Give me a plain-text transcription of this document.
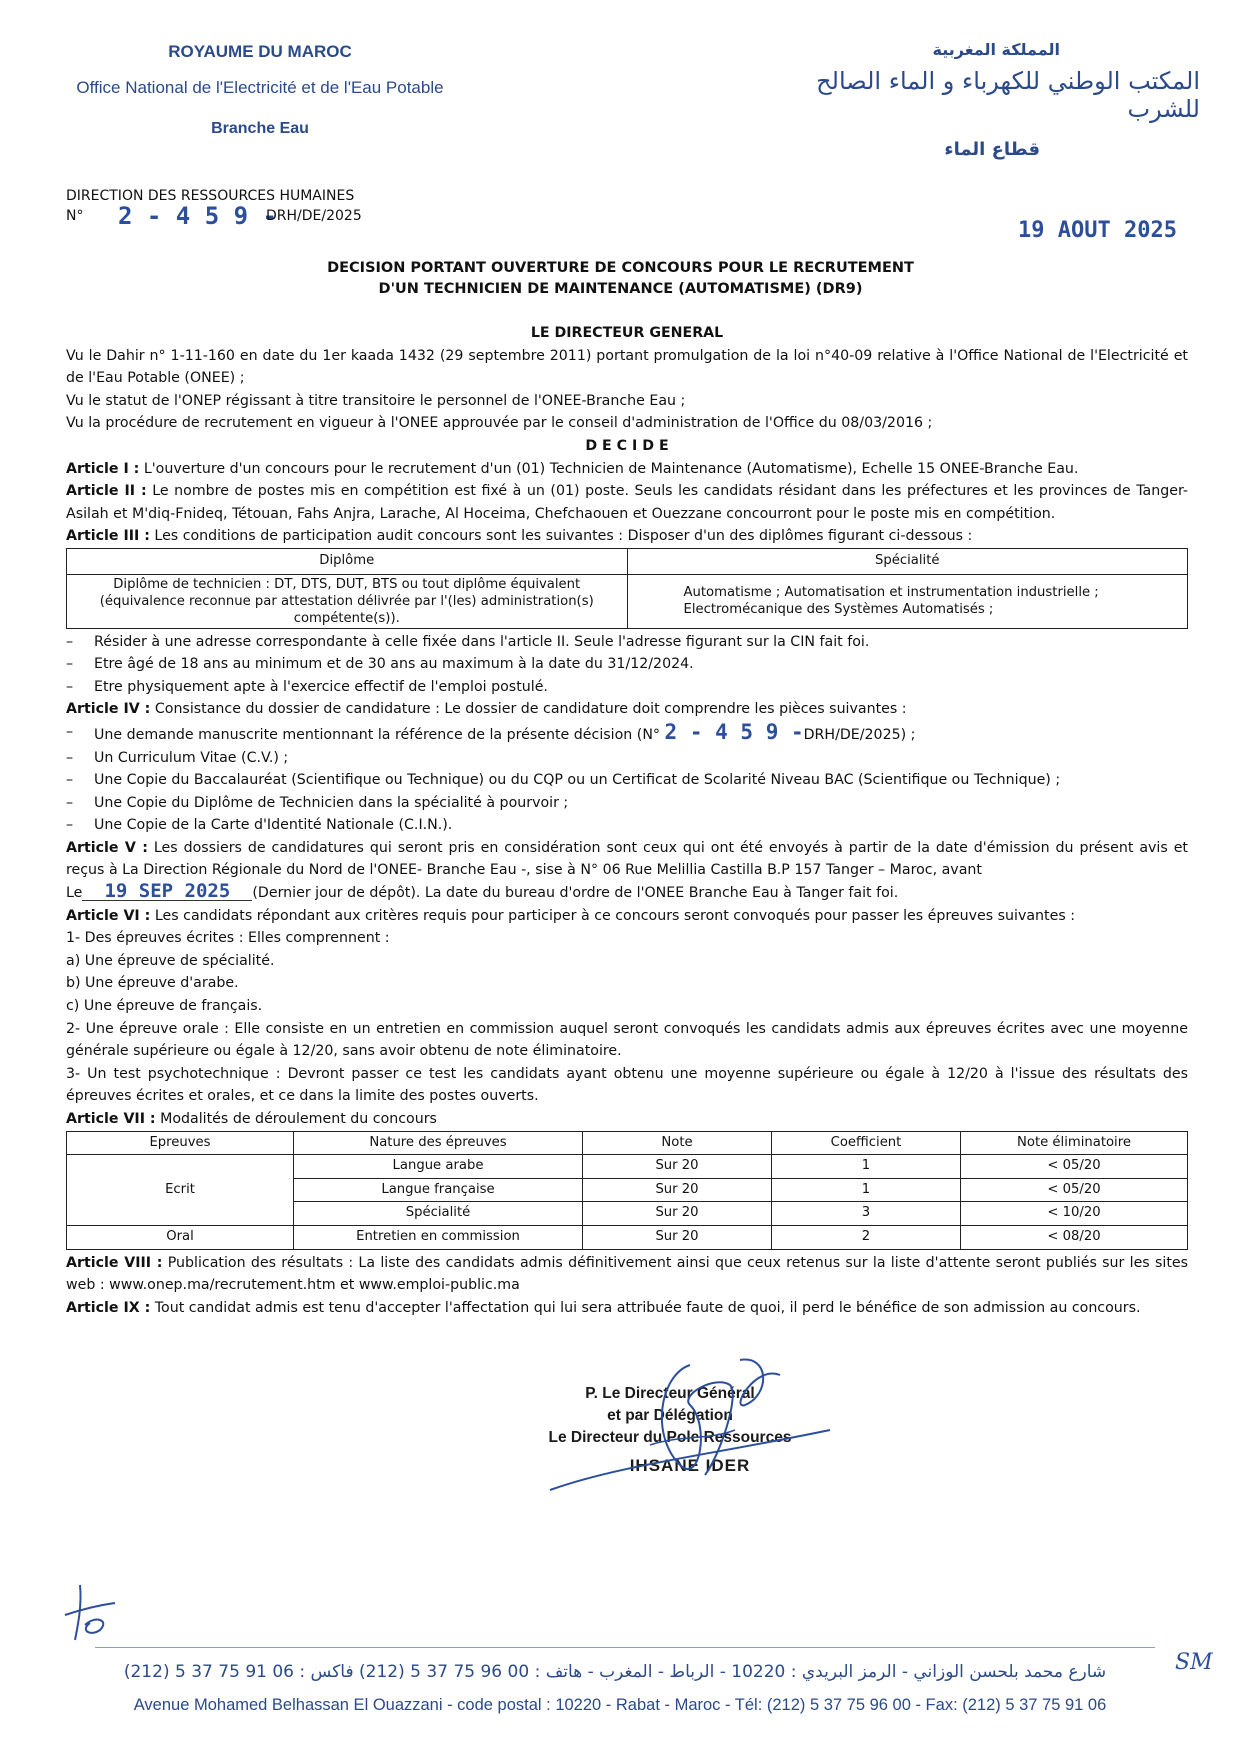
ROYAUME DU MAROC
Office National de l'Electricité et de l'Eau Potable
Branche Eau
المملكة المغربية
المكتب الوطني للكهرباء و الماء الصالح للشرب
قطاع الماء
DIRECTION DES RESSOURCES HUMAINES
N° 2 - 4 5 9 -
DRH/DE/2025
19 AOUT 2025
DECISION PORTANT OUVERTURE DE CONCOURS POUR LE RECRUTEMENT
D'UN TECHNICIEN DE MAINTENANCE (AUTOMATISME) (DR9)

LE DIRECTEUR GENERAL

Vu le Dahir n° 1-11-160 en date du 1er kaada 1432 (29 septembre 2011) portant promulgation de la loi n°40-09 relative à l'Office National de l'Electricité et de l'Eau Potable (ONEE) ;

Vu le statut de l'ONEP régissant à titre transitoire le personnel de l'ONEE-Branche Eau ;

Vu la procédure de recrutement en vigueur à l'ONEE approuvée par le conseil d'administration de l'Office du 08/03/2016 ;

D E C I D E

Article I : L'ouverture d'un concours pour le recrutement d'un (01) Technicien de Maintenance (Automatisme), Echelle 15 ONEE-Branche Eau.

Article II : Le nombre de postes mis en compétition est fixé à un (01) poste. Seuls les candidats résidant dans les préfectures et les provinces de Tanger-Asilah et M'diq-Fnideq, Tétouan, Fahs Anjra, Larache, Al Hoceima, Chefchaouen et Ouezzane concourront pour le poste mis en compétition.

Article III : Les conditions de participation audit concours sont les suivantes : Disposer d'un des diplômes figurant ci-dessous :

Diplôme	Spécialité
Diplôme de technicien : DT, DTS, DUT, BTS ou tout diplôme équivalent (équivalence reconnue par attestation délivrée par l'(les) administration(s) compétente(s)).	Automatisme ; Automatisation et instrumentation industrielle ;
Electromécanique des Systèmes Automatisés ;

– Résider à une adresse correspondante à celle fixée dans l'article II. Seule l'adresse figurant sur la CIN fait foi.

– Etre âgé de 18 ans au minimum et de 30 ans au maximum à la date du 31/12/2024.

– Etre physiquement apte à l'exercice effectif de l'emploi postulé.

Article IV : Consistance du dossier de candidature : Le dossier de candidature doit comprendre les pièces suivantes :

– Une demande manuscrite mentionnant la référence de la présente décision (N° 2 - 4 5 9 -DRH/DE/2025) ;

– Un Curriculum Vitae (C.V.) ;

– Une Copie du Baccalauréat (Scientifique ou Technique) ou du CQP ou un Certificat de Scolarité Niveau BAC (Scientifique ou Technique) ;

– Une Copie du Diplôme de Technicien dans la spécialité à pourvoir ;

– Une Copie de la Carte d'Identité Nationale (C.I.N.).

Article V : Les dossiers de candidatures qui seront pris en considération sont ceux qui ont été envoyés à partir de la date d'émission du présent avis et reçus à La Direction Régionale du Nord de l'ONEE- Branche Eau -, sise à N° 06 Rue Melillia Castilla B.P 157 Tanger – Maroc, avant

Le 19 SEP 2025 (Dernier jour de dépôt). La date du bureau d'ordre de l'ONEE Branche Eau à Tanger fait foi.

Article VI : Les candidats répondant aux critères requis pour participer à ce concours seront convoqués pour passer les épreuves suivantes :

1- Des épreuves écrites : Elles comprennent :

a) Une épreuve de spécialité.

b) Une épreuve d'arabe.

c) Une épreuve de français.

2- Une épreuve orale : Elle consiste en un entretien en commission auquel seront convoqués les candidats admis aux épreuves écrites avec une moyenne générale supérieure ou égale à 12/20, sans avoir obtenu de note éliminatoire.

3- Un test psychotechnique : Devront passer ce test les candidats ayant obtenu une moyenne supérieure ou égale à 12/20 à l'issue des résultats des épreuves écrites et orales, et ce dans la limite des postes ouverts.

Article VII : Modalités de déroulement du concours

Epreuves	Nature des épreuves	Note	Coefficient	Note éliminatoire
Ecrit	Langue arabe	Sur 20	1	< 05/20
	Langue française	Sur 20	1	< 05/20
	Spécialité	Sur 20	3	< 10/20
Oral	Entretien en commission	Sur 20	2	< 08/20

Article VIII : Publication des résultats : La liste des candidats admis définitivement ainsi que ceux retenus sur la liste d'attente seront publiés sur les sites web : www.onep.ma/recrutement.htm et www.emploi-public.ma

Article IX : Tout candidat admis est tenu d'accepter l'affectation qui lui sera attribuée faute de quoi, il perd le bénéfice de son admission au concours.

P. Le Directeur Général
et par Délégation
Le Directeur du Pole Ressources
IHSANE IDER
SM
شارع محمد بلحسن الوزاني - الرمز البريدي : 10220 - الرباط - المغرب - هاتف : 00 96 75 37 5 (212) فاكس : 06 91 75 37 5 (212)
Avenue Mohamed Belhassan El Ouazzani - code postal : 10220 - Rabat - Maroc - Tél: (212) 5 37 75 96 00 - Fax: (212) 5 37 75 91 06
